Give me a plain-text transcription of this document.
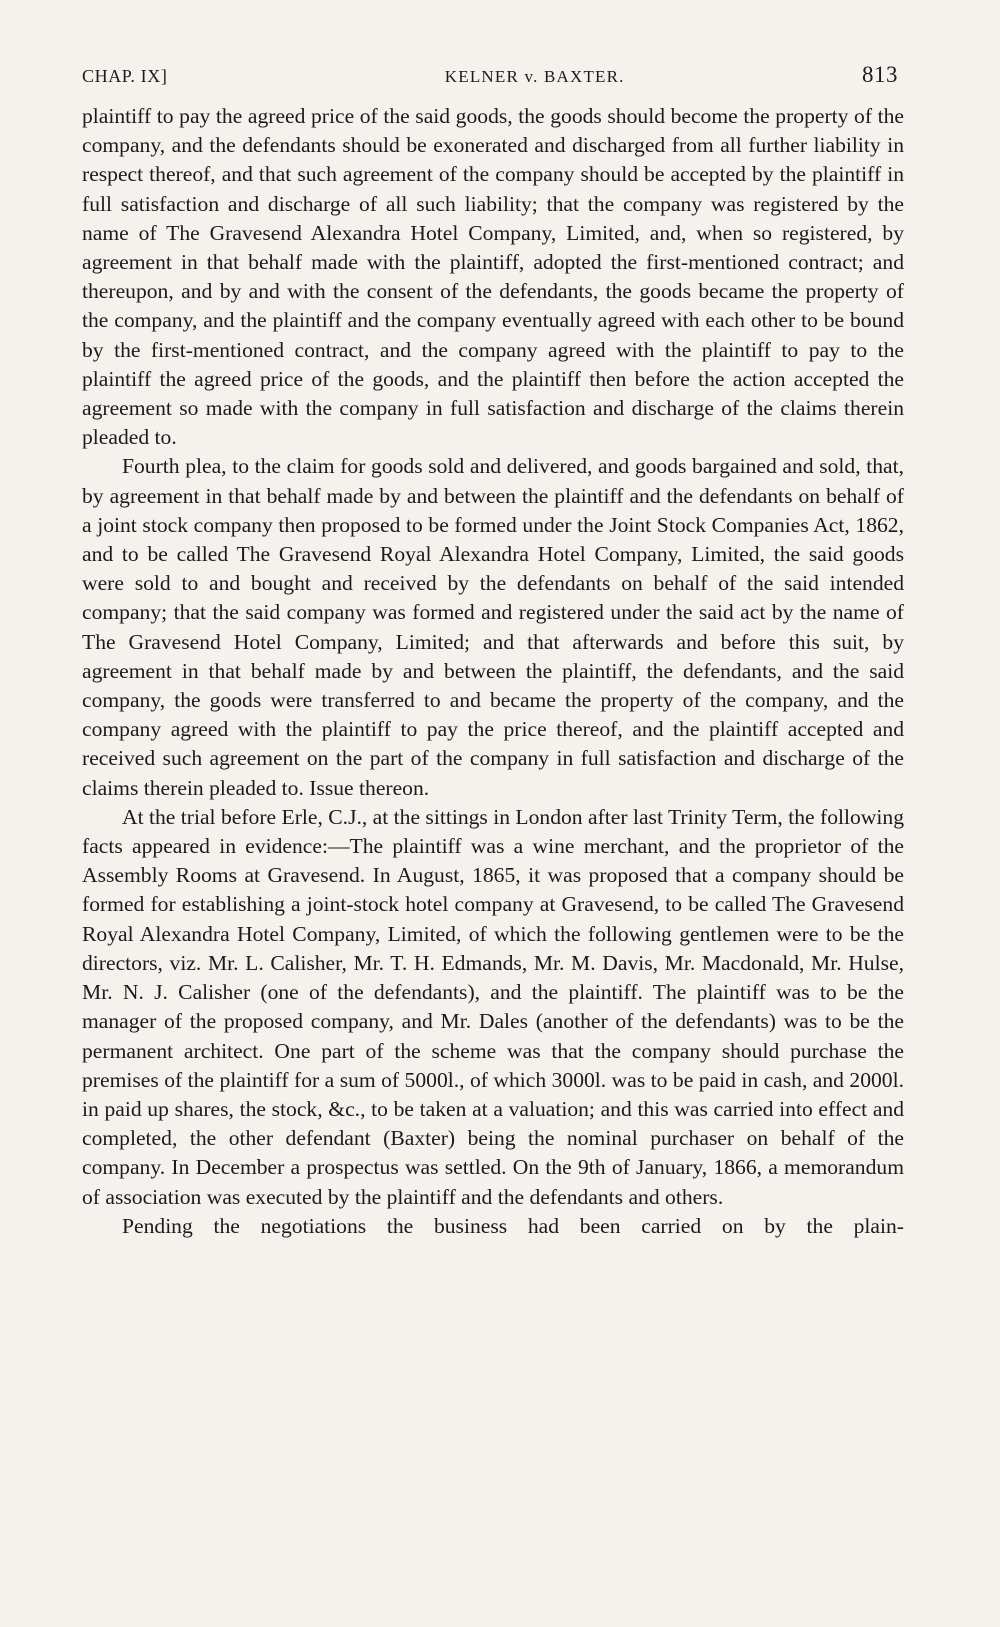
CHAP. IX]	KELNER v. BAXTER.	813

plaintiff to pay the agreed price of the said goods, the goods should become the property of the company, and the defendants should be exonerated and discharged from all further liability in respect thereof, and that such agreement of the company should be accepted by the plaintiff in full satisfaction and discharge of all such liability; that the company was registered by the name of The Gravesend Alexandra Hotel Company, Limited, and, when so registered, by agreement in that behalf made with the plaintiff, adopted the first-mentioned contract; and thereupon, and by and with the consent of the defendants, the goods became the property of the company, and the plaintiff and the company eventually agreed with each other to be bound by the first-mentioned contract, and the company agreed with the plaintiff to pay to the plaintiff the agreed price of the goods, and the plaintiff then before the action accepted the agreement so made with the company in full satisfaction and discharge of the claims therein pleaded to.

Fourth plea, to the claim for goods sold and delivered, and goods bargained and sold, that, by agreement in that behalf made by and between the plaintiff and the defendants on behalf of a joint stock company then proposed to be formed under the Joint Stock Companies Act, 1862, and to be called The Gravesend Royal Alexandra Hotel Company, Limited, the said goods were sold to and bought and received by the defendants on behalf of the said intended company; that the said company was formed and registered under the said act by the name of The Gravesend Hotel Company, Limited; and that afterwards and before this suit, by agreement in that behalf made by and between the plaintiff, the defendants, and the said company, the goods were transferred to and became the property of the company, and the company agreed with the plaintiff to pay the price thereof, and the plaintiff accepted and received such agreement on the part of the company in full satisfaction and discharge of the claims therein pleaded to. Issue thereon.

At the trial before Erle, C.J., at the sittings in London after last Trinity Term, the following facts appeared in evidence:—The plaintiff was a wine merchant, and the proprietor of the Assembly Rooms at Gravesend. In August, 1865, it was proposed that a company should be formed for establishing a joint-stock hotel company at Gravesend, to be called The Gravesend Royal Alexandra Hotel Company, Limited, of which the following gentlemen were to be the directors, viz. Mr. L. Calisher, Mr. T. H. Edmands, Mr. M. Davis, Mr. Macdonald, Mr. Hulse, Mr. N. J. Calisher (one of the defendants), and the plaintiff. The plaintiff was to be the manager of the proposed company, and Mr. Dales (another of the defendants) was to be the permanent architect. One part of the scheme was that the company should purchase the premises of the plaintiff for a sum of 5000l., of which 3000l. was to be paid in cash, and 2000l. in paid up shares, the stock, &c., to be taken at a valuation; and this was carried into effect and completed, the other defendant (Baxter) being the nominal purchaser on behalf of the company. In December a prospectus was settled. On the 9th of January, 1866, a memorandum of association was executed by the plaintiff and the defendants and others.

Pending the negotiations the business had been carried on by the plain-
